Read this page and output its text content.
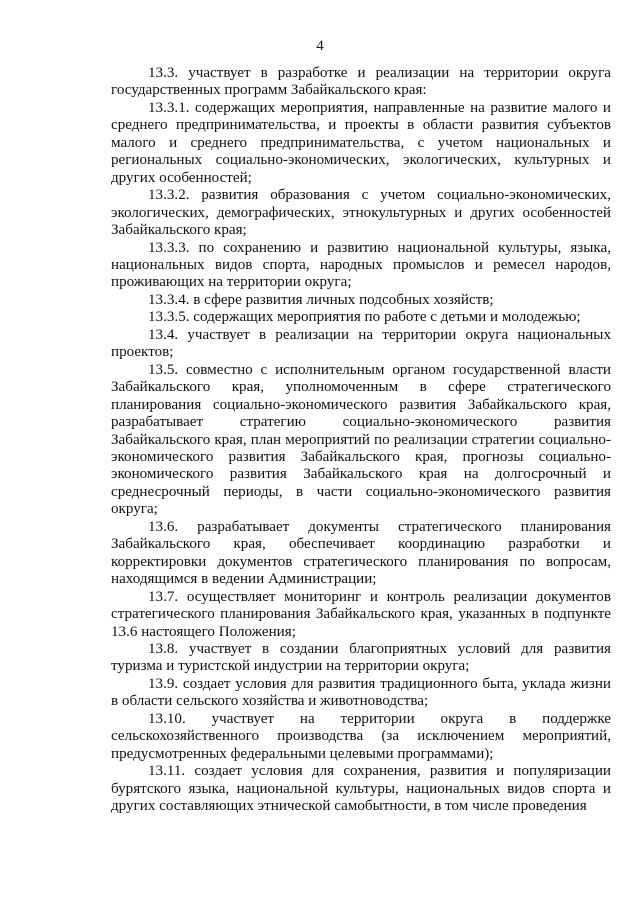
4

13.3. участвует в разработке и реализации на территории округа государственных программ Забайкальского края:

13.3.1. содержащих мероприятия, направленные на развитие малого и среднего предпринимательства, и проекты в области развития субъектов малого и среднего предпринимательства, с учетом национальных и региональных социально-экономических, экологических, культурных и других особенностей;

13.3.2. развития образования с учетом социально-экономических, экологических, демографических, этнокультурных и других особенностей Забайкальского края;

13.3.3. по сохранению и развитию национальной культуры, языка, национальных видов спорта, народных промыслов и ремесел народов, проживающих на территории округа;

13.3.4. в сфере развития личных подсобных хозяйств;

13.3.5. содержащих мероприятия по работе с детьми и молодежью;

13.4. участвует в реализации на территории округа национальных проектов;

13.5. совместно с исполнительным органом государственной власти Забайкальского края, уполномоченным в сфере стратегического планирования социально-экономического развития Забайкальского края, разрабатывает стратегию социально-экономического развития Забайкальского края, план мероприятий по реализации стратегии социально-экономического развития Забайкальского края, прогнозы социально-экономического развития Забайкальского края на долгосрочный и среднесрочный периоды, в части социально-экономического развития округа;

13.6. разрабатывает документы стратегического планирования Забайкальского края, обеспечивает координацию разработки и корректировки документов стратегического планирования по вопросам, находящимся в ведении Администрации;

13.7. осуществляет мониторинг и контроль реализации документов стратегического планирования Забайкальского края, указанных в подпункте 13.6 настоящего Положения;

13.8. участвует в создании благоприятных условий для развития туризма и туристской индустрии на территории округа;

13.9. создает условия для развития традиционного быта, уклада жизни в области сельского хозяйства и животноводства;

13.10. участвует на территории округа в поддержке сельскохозяйственного производства (за исключением мероприятий, предусмотренных федеральными целевыми программами);

13.11. создает условия для сохранения, развития и популяризации бурятского языка, национальной культуры, национальных видов спорта и других составляющих этнической самобытности, в том числе проведения
